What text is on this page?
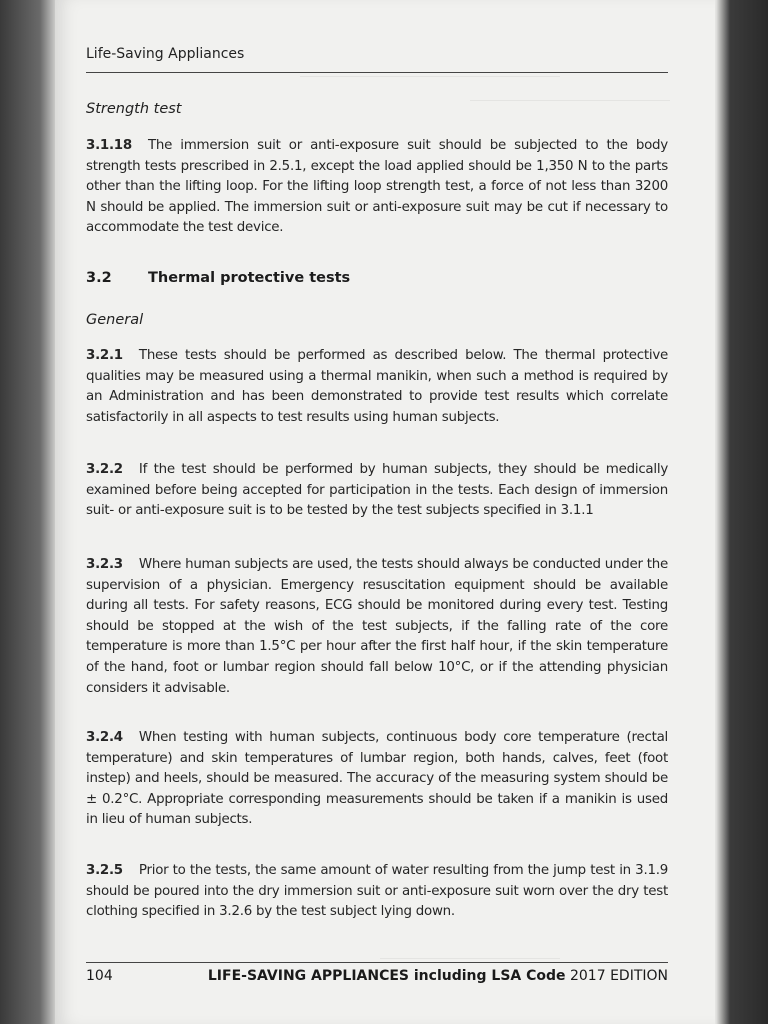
Life-Saving Appliances
Strength test
3.1.18 The immersion suit or anti-exposure suit should be subjected to the body strength tests prescribed in 2.5.1, except the load applied should be 1,350 N to the parts other than the lifting loop. For the lifting loop strength test, a force of not less than 3200 N should be applied. The immersion suit or anti-exposure suit may be cut if necessary to accommodate the test device.
3.2	Thermal protective tests
General
3.2.1 These tests should be performed as described below. The thermal protective qualities may be measured using a thermal manikin, when such a method is required by an Administration and has been demonstrated to provide test results which correlate satisfactorily in all aspects to test results using human subjects.
3.2.2 If the test should be performed by human subjects, they should be medically examined before being accepted for participation in the tests. Each design of immersion suit- or anti-exposure suit is to be tested by the test subjects specified in 3.1.1
3.2.3 Where human subjects are used, the tests should always be conducted under the supervision of a physician. Emergency resuscitation equipment should be available during all tests. For safety reasons, ECG should be monitored during every test. Testing should be stopped at the wish of the test subjects, if the falling rate of the core temperature is more than 1.5°C per hour after the first half hour, if the skin temperature of the hand, foot or lumbar region should fall below 10°C, or if the attending physician considers it advisable.
3.2.4 When testing with human subjects, continuous body core temperature (rectal temperature) and skin temperatures of lumbar region, both hands, calves, feet (foot instep) and heels, should be measured. The accuracy of the measuring system should be ± 0.2°C. Appropriate corresponding measurements should be taken if a manikin is used in lieu of human subjects.
3.2.5 Prior to the tests, the same amount of water resulting from the jump test in 3.1.9 should be poured into the dry immersion suit or anti-exposure suit worn over the dry test clothing specified in 3.2.6 by the test subject lying down.
104	LIFE-SAVING APPLIANCES including LSA Code 2017 EDITION
